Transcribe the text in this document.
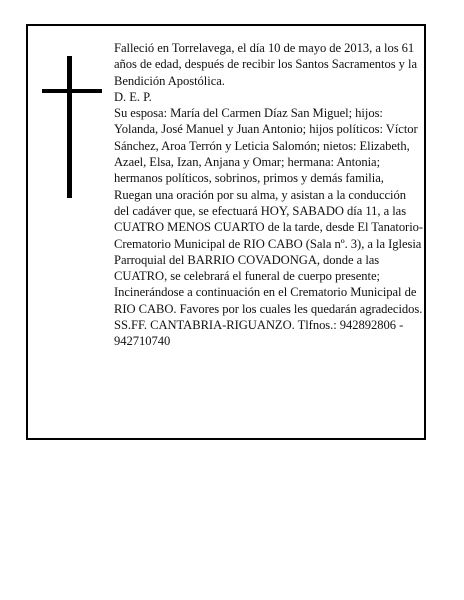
Falleció en Torrelavega, el día 10 de mayo de 2013, a los 61 años de edad, después de recibir los Santos Sacramentos y la Bendición Apostólica.

D. E. P.

Su esposa: María del Carmen Díaz San Miguel; hijos: Yolanda, José Manuel y Juan Antonio; hijos políticos: Víctor Sánchez, Aroa Terrón y Leticia Salomón; nietos: Elizabeth, Azael, Elsa, Izan, Anjana y Omar; hermana: Antonia; hermanos políticos, sobrinos, primos y demás familia,

Ruegan una oración por su alma, y asistan a la conducción del cadáver que, se efectuará HOY, SABADO día 11, a las CUATRO MENOS CUARTO de la tarde, desde El Tanatorio-Crematorio Municipal de RIO CABO (Sala nº. 3), a la Iglesia Parroquial del BARRIO COVADONGA, donde a las CUATRO, se celebrará el funeral de cuerpo presente; Incinerándose a continuación en el Crematorio Municipal de RIO CABO. Favores por los cuales les quedarán agradecidos.

SS.FF. CANTABRIA-RIGUANZO. Tlfnos.: 942892806 - 942710740
